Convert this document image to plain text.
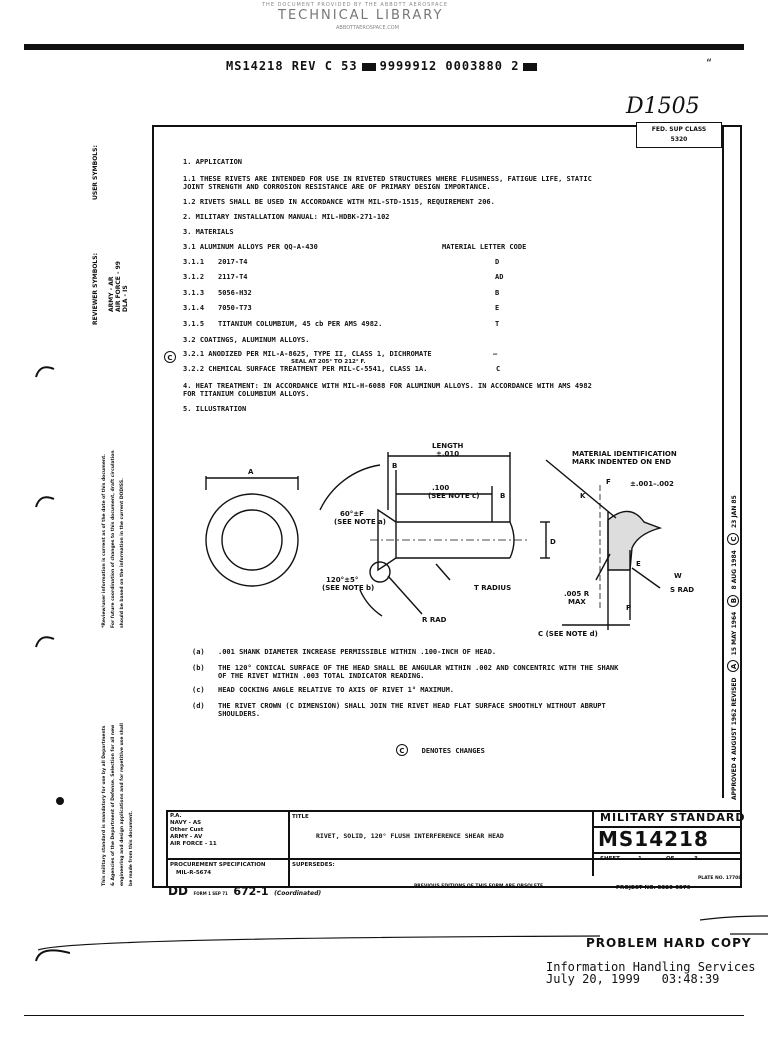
THE DOCUMENT PROVIDED BY THE ABBOTT AEROSPACE
TECHNICAL LIBRARY
ABBOTTAEROSPACE.COM
MS14218 REV C 53 9999912 0003880 2	“
D1505
FED. SUP CLASS
5320
1. APPLICATION
1.1 THESE RIVETS ARE INTENDED FOR USE IN RIVETED STRUCTURES WHERE FLUSHNESS, FATIGUE LIFE, STATIC
JOINT STRENGTH AND CORROSION RESISTANCE ARE OF PRIMARY DESIGN IMPORTANCE.
1.2 RIVETS SHALL BE USED IN ACCORDANCE WITH MIL-STD-1515, REQUIREMENT 206.
2. MILITARY INSTALLATION MANUAL: MIL-HDBK-271-102
3. MATERIALS
3.1 ALUMINUM ALLOYS PER QQ-A-430	MATERIAL LETTER CODE
3.1.1 2017-T4	D
3.1.2 2117-T4	AD
3.1.3 5056-H32	B
3.1.4 7050-T73	E
3.1.5 TITANIUM COLUMBIUM, 45 cb PER AMS 4982.	T
3.2 COATINGS, ALUMINUM ALLOYS.
C	3.2.1 ANODIZED PER MIL-A-8625, TYPE II, CLASS 1, DICHROMATE
SEAL AT 205° TO 212° F.
—
3.2.2 CHEMICAL SURFACE TREATMENT PER MIL-C-5541, CLASS 1A.	C
4. HEAT TREATMENT: IN ACCORDANCE WITH MIL-H-6088 FOR ALUMINUM ALLOYS. IN ACCORDANCE WITH AMS 4982
FOR TITANIUM COLUMBIUM ALLOYS.
5. ILLUSTRATION
A
B
LENGTH
±.010
.100
(SEE NOTE c)	B
60°±F
(SEE NOTE a)
D
120°±5°
(SEE NOTE b)	T RADIUS
R RAD
MATERIAL IDENTIFICATION
MARK INDENTED ON END
K
F	±.001–.002
E
W
S RAD
.005 R
MAX
P
C (SEE NOTE d)
(a) .001 SHANK DIAMETER INCREASE PERMISSIBLE WITHIN .100-INCH OF HEAD.
(b) THE 120° CONICAL SURFACE OF THE HEAD SHALL BE ANGULAR WITHIN .002 AND CONCENTRIC WITH THE SHANK
OF THE RIVET WITHIN .003 TOTAL INDICATOR READING.
(c) HEAD COCKING ANGLE RELATIVE TO AXIS OF RIVET 1° MAXIMUM.
(d) THE RIVET CROWN (C DIMENSION) SHALL JOIN THE RIVET HEAD FLAT SURFACE SMOOTHLY WITHOUT ABRUPT
SHOULDERS.
C DENOTES CHANGES	APPROVED 4 AUGUST 1962 REVISED A 15 MAY 1964 B 8 AUG 1984 C 23 JAN 85
USER SYMBOLS:
REVIEWER SYMBOLS: ARMY - AR AIR FORCE - 99 DLA - IS
*Review/user information is current as of the date of this document. For future coordination of changes to this document, draft circulation should be based on the information in the current DODISS.
This military standard is mandatory for use by all Departments & Agencies of the Department of Defense. Selection for all new engineering and design applications and for repetitive use shall be made from this document.	P.A.
NAVY - AS
Other Cust
ARMY - AV
AIR FORCE - 11
PROCUREMENT SPECIFICATION
MIL-R-5674
TITLE
RIVET, SOLID, 120° FLUSH INTERFERENCE SHEAR HEAD
SUPERSEDES:
MILITARY STANDARD
MS14218
SHEET	1	OF	3
PLATE NO. 17708
DD FORM 1 SEP 71 672-1 (Coordinated)
PREVIOUS EDITIONS OF THIS FORM ARE OBSOLETE.	PROJECT NO. 5320-0576
PROBLEM HARD COPY
Information Handling Services
July 20, 1999 03:48:39
